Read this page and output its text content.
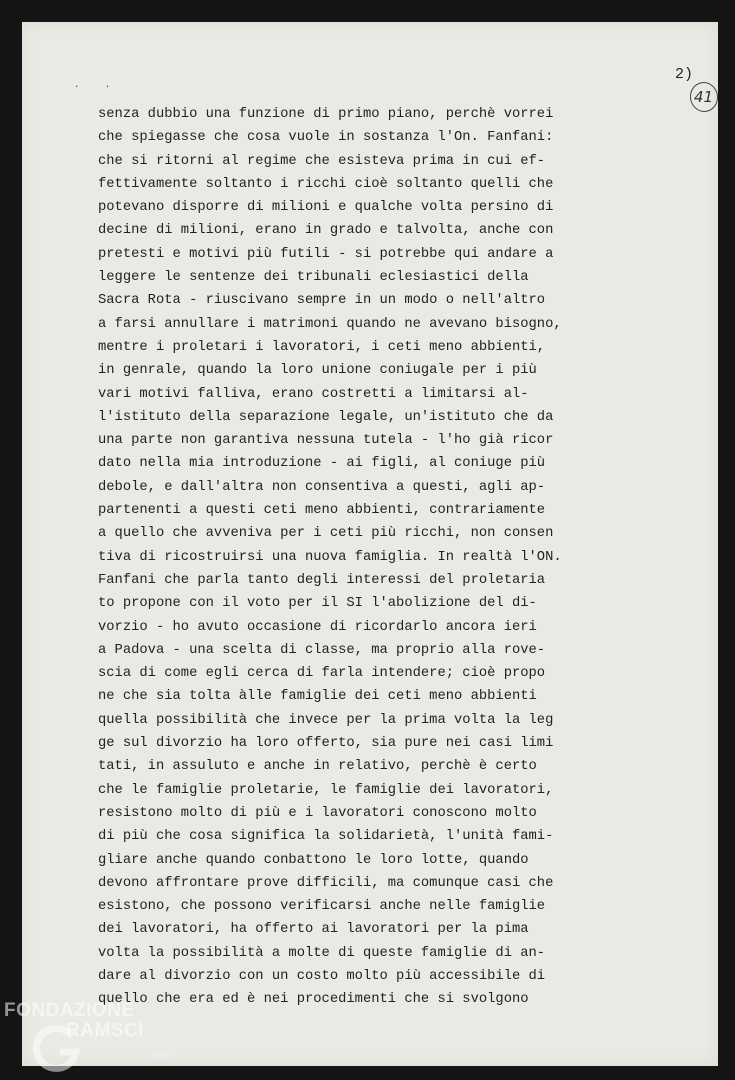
· ·
2)
41
senza dubbio una funzione di primo piano, perchè vorrei
che spiegasse che cosa vuole in sostanza l'On. Fanfani:
che si ritorni al regime che esisteva prima in cui ef-
fettivamente soltanto i ricchi cioè soltanto quelli che
potevano disporre di milioni e qualche volta persino di
decine di milioni, erano in grado e talvolta, anche con
pretesti e motivi più futili - si potrebbe qui andare a
leggere le sentenze dei tribunali eclesiastici della
Sacra Rota - riuscivano sempre in un modo o nell'altro
a farsi annullare i matrimoni quando ne avevano bisogno,
mentre i proletari i lavoratori, i ceti meno abbienti,
in genrale, quando la loro unione coniugale per i più
vari motivi falliva, erano costretti a limitarsi al-
l'istituto della separazione legale, un'istituto che da
una parte non garantiva nessuna tutela - l'ho già ricor
dato nella mia introduzione - ai figli, al coniuge più
debole, e dall'altra non consentiva a questi, agli ap-
partenenti a questi ceti meno abbienti, contrariamente
a quello che avveniva per i ceti più ricchi, non consen
tiva di ricostruirsi una nuova famiglia. In realtà l'ON.
Fanfani che parla tanto degli interessi del proletaria
to propone con il voto per il SI l'abolizione del di-
vorzio - ho avuto occasione di ricordarlo ancora ieri
a Padova - una scelta di classe, ma proprio alla rove-
scia di come egli cerca di farla intendere; cioè propo
ne che sia tolta àlle famiglie dei ceti meno abbienti
quella possibilità che invece per la prima volta la leg
ge sul divorzio ha loro offerto, sia pure nei casi limi
tati, in assuluto e anche in relativo, perchè è certo
che le famiglie proletarie, le famiglie dei lavoratori,
resistono molto di più e i lavoratori conoscono molto
di più che cosa significa la solidarietà, l'unità fami-
gliare anche quando conbattono le loro lotte, quando
devono affrontare prove difficili, ma comunque casi che
esistono, che possono verificarsi anche nelle famiglie
dei lavoratori, ha offerto ai lavoratori per la pima
volta la possibilità a molte di queste famiglie di an-
dare al divorzio con un costo molto più accessibile di
quello che era ed è nei procedimenti che si svolgono
FONDAZIONE
RAMSCI
onlus
